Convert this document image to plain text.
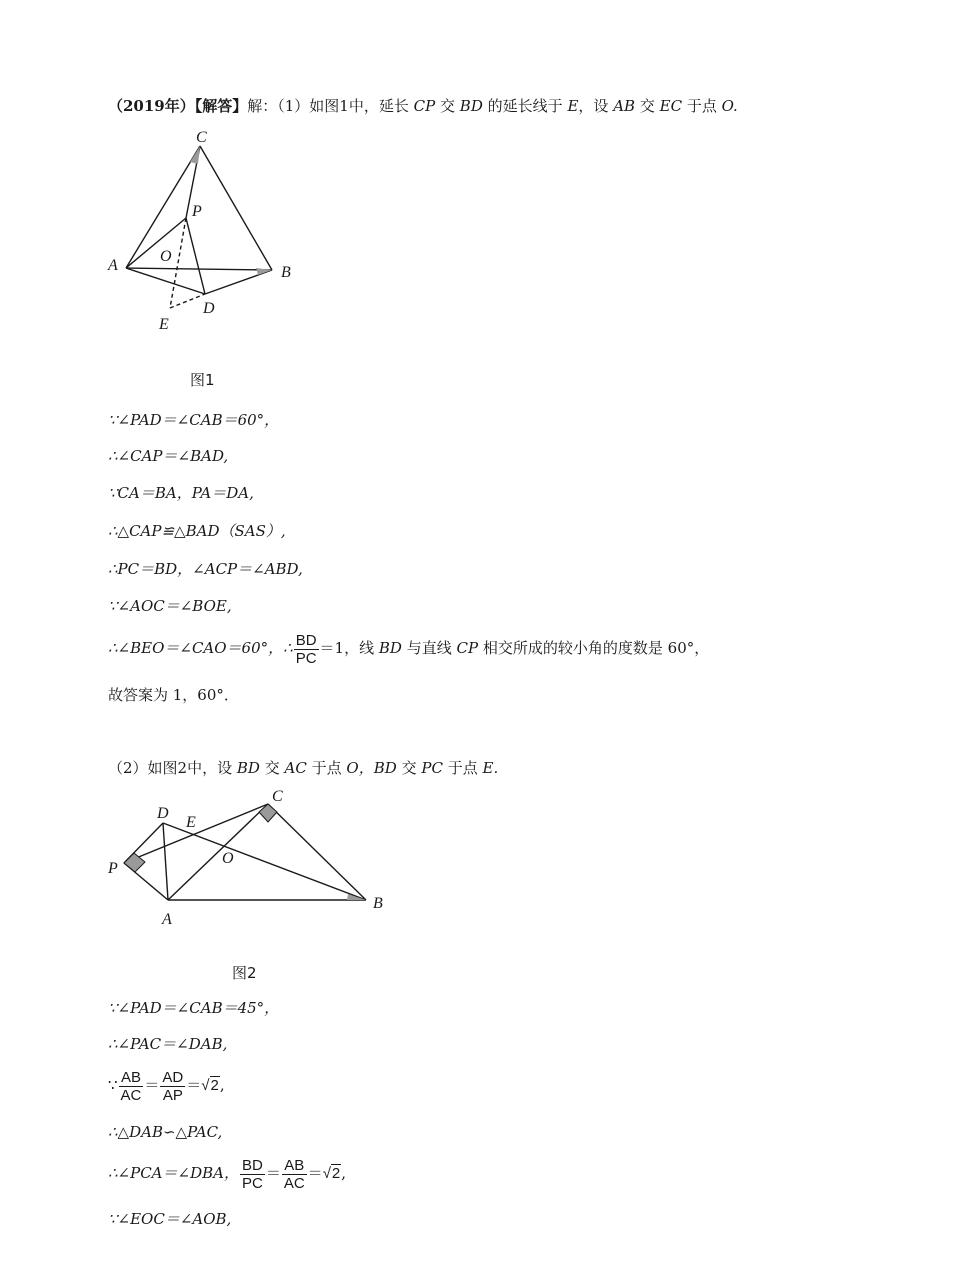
（2019年）【解答】解：（1）如图1中，延长 CP 交 BD 的延长线于 E，设 AB 交 EC 于点 O.
C
P
A
O
B
E
D
图1
∵∠PAD＝∠CAB＝60°，
∴∠CAP＝∠BAD,
∵CA＝BA，PA＝DA,
∴△CAP≌△BAD（SAS）,
∴PC＝BD，∠ACP＝∠ABD,
∵∠AOC＝∠BOE,
∴∠BEO＝∠CAO＝60°，∴ $\frac{BD}{PC} =1$，线 BD 与直线 CP 相交所成的较小角的度数是 60°，
故答案为 1，60°．
（2）如图2中，设 BD 交 AC 于点 O，BD 交 PC 于点 E.
D
E
C
P
O
A
B
图2
∵∠PAD＝∠CAB＝45°，
∴∠PAC＝∠DAB,
∵ $\frac{AB}{AC} = \frac{AD}{AP} =√2$,
∴△DAB∽△PAC,
∴∠PCA＝∠DBA， $\frac{BD}{PC} = \frac{AB}{AC} =√2$,
∵∠EOC＝∠AOB,
